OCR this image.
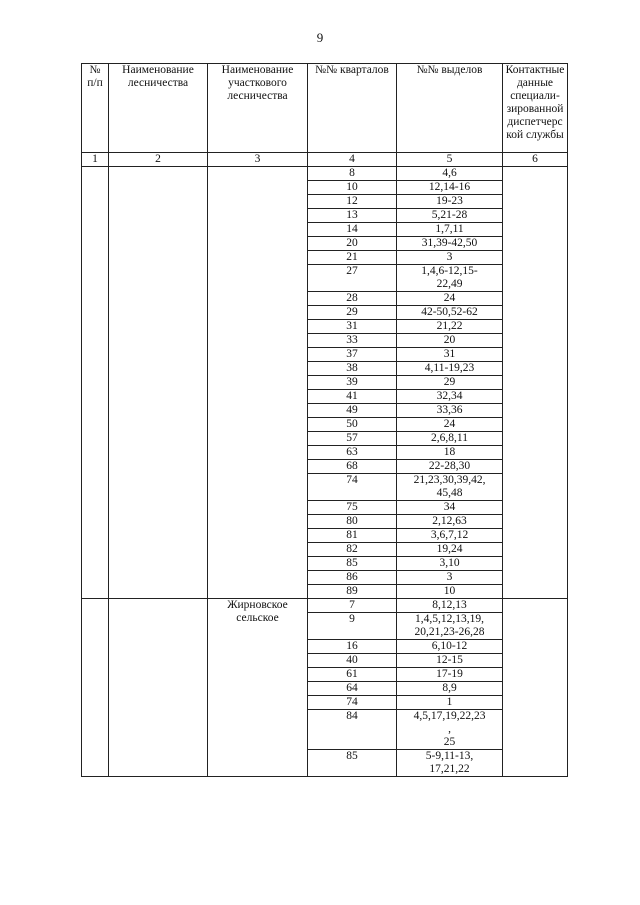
9
№ п/п	Наименование лесничества	Наименование участкового лесничества	№№ кварталов	№№ выделов	Контактные данные специали-зированной диспетчерс кой службы
1	2	3	4	5	6
			8	4,6	
			10	12,14-16	
			12	19-23	
			13	5,21-28	
			14	1,7,11	
			20	31,39-42,50	
			21	3	
			27	1,4,6-12,15-
22,49	
			28	24	
			29	42-50,52-62	
			31	21,22	
			33	20	
			37	31	
			38	4,11-19,23	
			39	29	
			41	32,34	
			49	33,36	
			50	24	
			57	2,6,8,11	
			63	18	
			68	22-28,30	
			74	21,23,30,39,42,
45,48	
			75	34	
			80	2,12,63	
			81	3,6,7,12	
			82	19,24	
			85	3,10	
			86	3	
			89	10	
		Жирновское сельское	7	8,12,13	
			9	1,4,5,12,13,19,
20,21,23-26,28	
			16	6,10-12	
			40	12-15	
			61	17-19	
			64	8,9	
			74	1	
			84	4,5,17,19,22,23
,
25	
			85	5-9,11-13,
17,21,22	
